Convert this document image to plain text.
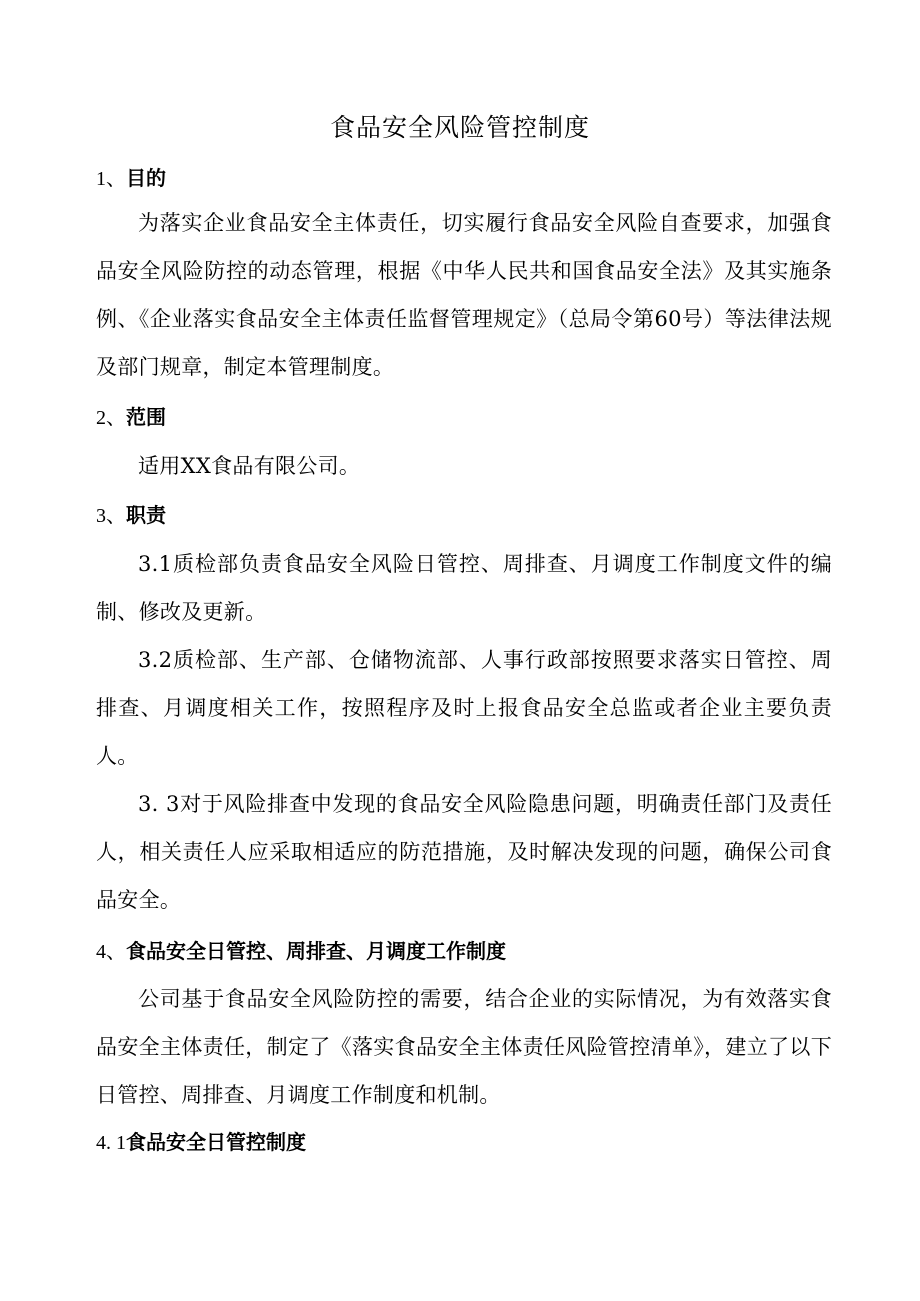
食品安全风险管控制度
1、目的

为落实企业食品安全主体责任，切实履行食品安全风险自查要求，加强食品安全风险防控的动态管理，根据《中华人民共和国食品安全法》及其实施条例、《企业落实食品安全主体责任监督管理规定》（总局令第60号）等法律法规及部门规章，制定本管理制度。

2、范围

适用XX食品有限公司。

3、职责

3.1质检部负责食品安全风险日管控、周排查、月调度工作制度文件的编制、修改及更新。

3.2质检部、生产部、仓储物流部、人事行政部按照要求落实日管控、周排查、月调度相关工作，按照程序及时上报食品安全总监或者企业主要负责人。

3. 3对于风险排查中发现的食品安全风险隐患问题，明确责任部门及责任人，相关责任人应采取相适应的防范措施，及时解决发现的问题，确保公司食品安全。

4、食品安全日管控、周排查、月调度工作制度

公司基于食品安全风险防控的需要，结合企业的实际情况，为有效落实食品安全主体责任，制定了《落实食品安全主体责任风险管控清单》，建立了以下日管控、周排查、月调度工作制度和机制。

4. 1食品安全日管控制度
